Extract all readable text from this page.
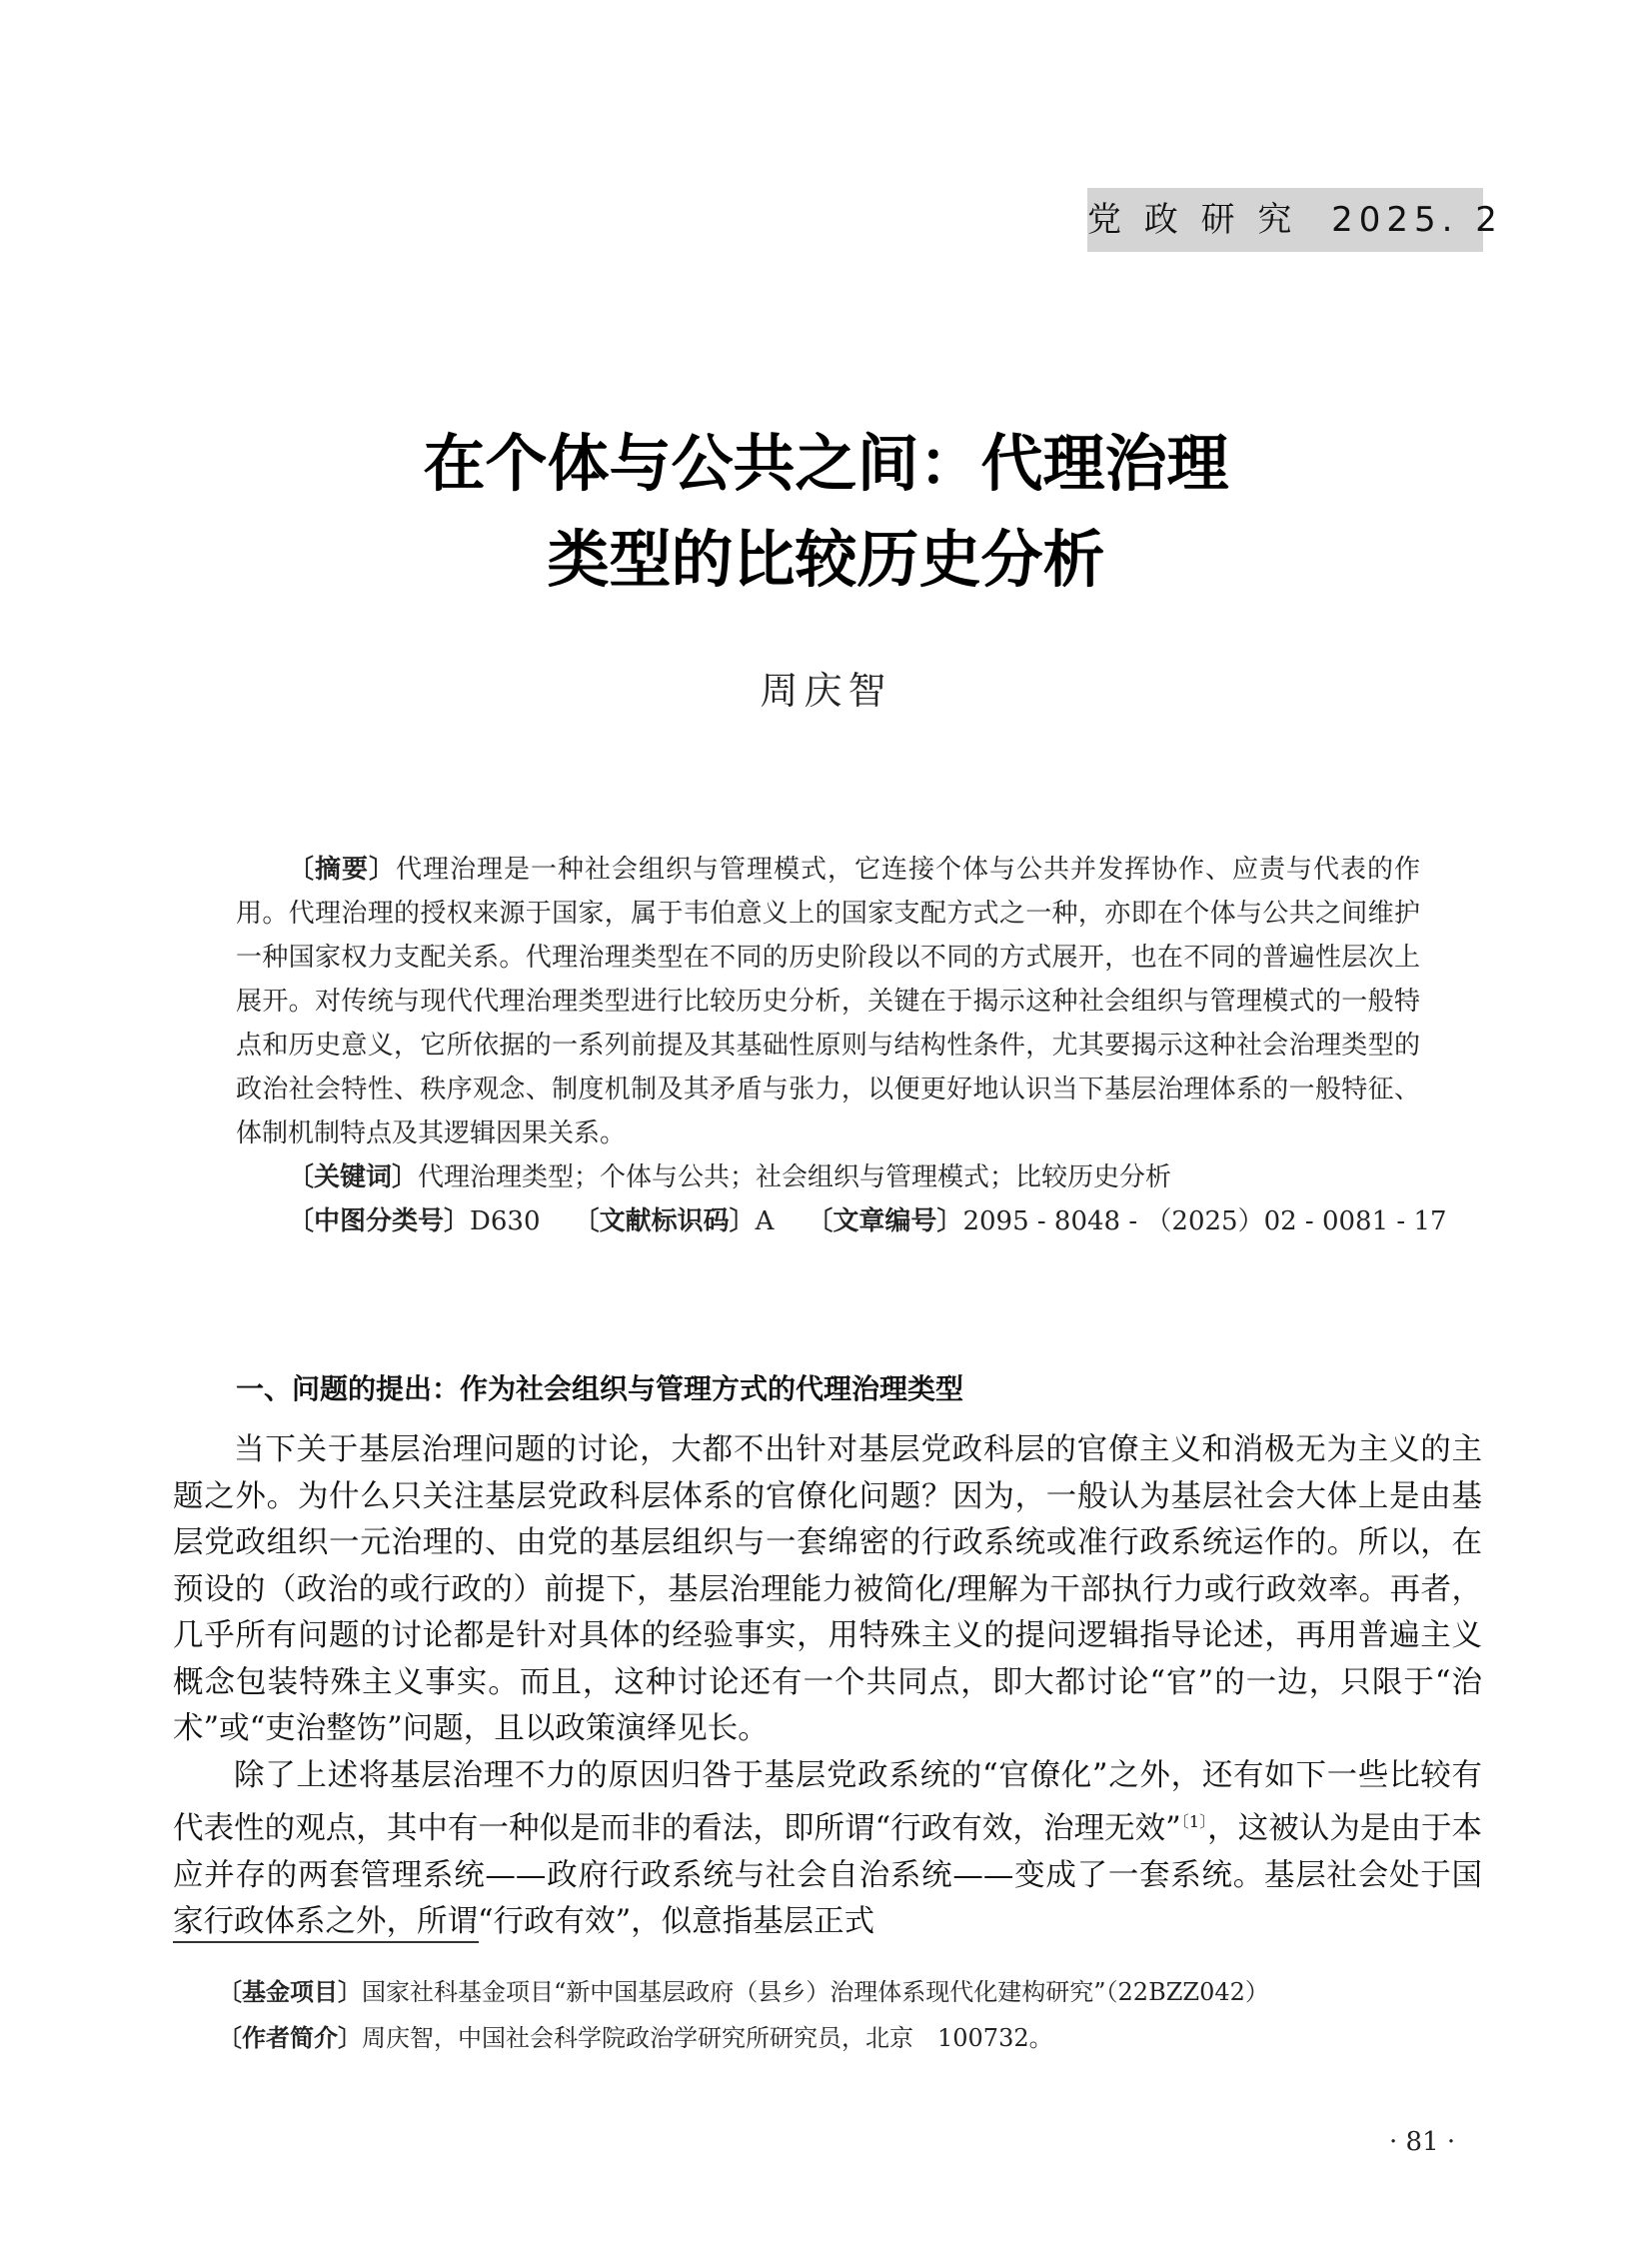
党 政 研 究 2025. 2
在个体与公共之间：代理治理
类型的比较历史分析
周庆智

〔摘要〕代理治理是一种社会组织与管理模式，它连接个体与公共并发挥协作、应责与代表的作用。代理治理的授权来源于国家，属于韦伯意义上的国家支配方式之一种，亦即在个体与公共之间维护一种国家权力支配关系。代理治理类型在不同的历史阶段以不同的方式展开，也在不同的普遍性层次上展开。对传统与现代代理治理类型进行比较历史分析，关键在于揭示这种社会组织与管理模式的一般特点和历史意义，它所依据的一系列前提及其基础性原则与结构性条件，尤其要揭示这种社会治理类型的政治社会特性、秩序观念、制度机制及其矛盾与张力，以便更好地认识当下基层治理体系的一般特征、体制机制特点及其逻辑因果关系。

〔关键词〕代理治理类型；个体与公共；社会组织与管理模式；比较历史分析
〔中图分类号〕D630 〔文献标识码〕A 〔文章编号〕2095 - 8048 - （2025）02 - 0081 - 17
一、问题的提出：作为社会组织与管理方式的代理治理类型

当下关于基层治理问题的讨论，大都不出针对基层党政科层的官僚主义和消极无为主义的主题之外。为什么只关注基层党政科层体系的官僚化问题？因为，一般认为基层社会大体上是由基层党政组织一元治理的、由党的基层组织与一套绵密的行政系统或准行政系统运作的。所以，在预设的（政治的或行政的）前提下，基层治理能力被简化/理解为干部执行力或行政效率。再者，几乎所有问题的讨论都是针对具体的经验事实，用特殊主义的提问逻辑指导论述，再用普遍主义概念包装特殊主义事实。而且，这种讨论还有一个共同点，即大都讨论“官”的一边，只限于“治术”或“吏治整饬”问题，且以政策演绎见长。

除了上述将基层治理不力的原因归咎于基层党政系统的“官僚化”之外，还有如下一些比较有代表性的观点，其中有一种似是而非的看法，即所谓“行政有效，治理无效”$^{〔1〕}$，这被认为是由于本应并存的两套管理系统——政府行政系统与社会自治系统——变成了一套系统。基层社会处于国家行政体系之外，所谓“行政有效”，似意指基层正式

〔基金项目〕国家社科基金项目“新中国基层政府（县乡）治理体系现代化建构研究”（22BZZ042）
〔作者简介〕周庆智，中国社会科学院政治学研究所研究员，北京　100732。
· 81 ·
